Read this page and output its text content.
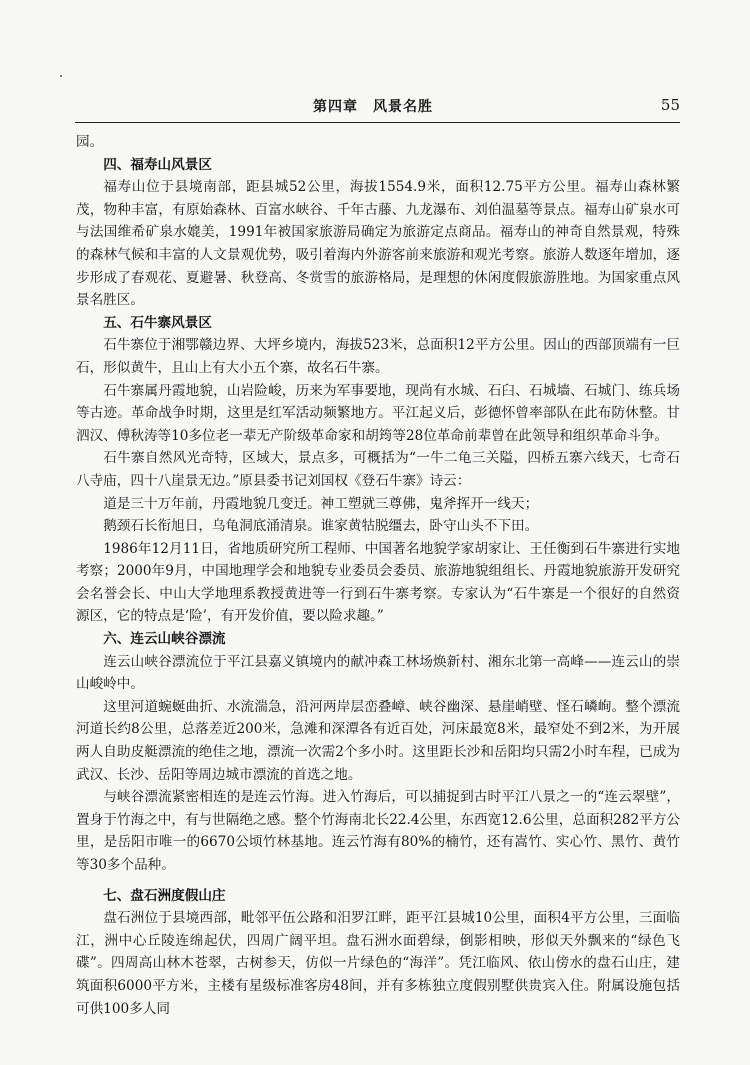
第四章　风景名胜	55

园。

四、福寿山风景区

福寿山位于县境南部，距县城52公里，海拔1554.9米，面积12.75平方公里。福寿山森林繁茂，物种丰富，有原始森林、百富水峡谷、千年古藤、九龙瀑布、刘伯温墓等景点。福寿山矿泉水可与法国维希矿泉水媲美，1991年被国家旅游局确定为旅游定点商品。福寿山的神奇自然景观，特殊的森林气候和丰富的人文景观优势，吸引着海内外游客前来旅游和观光考察。旅游人数逐年增加，逐步形成了春观花、夏避暑、秋登高、冬赏雪的旅游格局，是理想的休闲度假旅游胜地。为国家重点风景名胜区。

五、石牛寨风景区

石牛寨位于湘鄂赣边界、大坪乡境内，海拔523米，总面积12平方公里。因山的西部顶端有一巨石，形似黄牛，且山上有大小五个寨，故名石牛寨。

石牛寨属丹霞地貌，山岩险峻，历来为军事要地，现尚有水城、石臼、石城墙、石城门、练兵场等古迹。革命战争时期，这里是红军活动频繁地方。平江起义后，彭德怀曾率部队在此布防休整。甘泗汉、傅秋涛等10多位老一辈无产阶级革命家和胡筠等28位革命前辈曾在此领导和组织革命斗争。

石牛寨自然风光奇特，区域大，景点多，可概括为“一牛二龟三关隘，四桥五寨六线天，七奇石八寺庙，四十八崖景无边。”原县委书记刘国权《登石牛寨》诗云：

道是三十万年前，丹霞地貌几变迁。神工塑就三尊佛，鬼斧挥开一线天；

鹅颈石长衔旭日，乌龟洞底涌清泉。谁家黄牯脱缰去，卧守山头不下田。

1986年12月11日，省地质研究所工程师、中国著名地貌学家胡家让、王任衡到石牛寨进行实地考察；2000年9月，中国地理学会和地貌专业委员会委员、旅游地貌组组长、丹霞地貌旅游开发研究会名誉会长、中山大学地理系教授黄进等一行到石牛寨考察。专家认为“石牛寨是一个很好的自然资源区，它的特点是‘险’，有开发价值，要以险求趣。”

六、连云山峡谷漂流

连云山峡谷漂流位于平江县嘉义镇境内的献冲森工林场焕新村、湘东北第一高峰——连云山的崇山峻岭中。

这里河道蜿蜒曲折、水流湍急，沿河两岸层峦叠嶂、峡谷幽深、悬崖峭壁、怪石嶙峋。整个漂流河道长约8公里，总落差近200米，急滩和深潭各有近百处，河床最宽8米，最窄处不到2米，为开展两人自助皮艇漂流的绝佳之地，漂流一次需2个多小时。这里距长沙和岳阳均只需2小时车程，已成为武汉、长沙、岳阳等周边城市漂流的首选之地。

与峡谷漂流紧密相连的是连云竹海。进入竹海后，可以捕捉到古时平江八景之一的“连云翠壁”，置身于竹海之中，有与世隔绝之感。整个竹海南北长22.4公里，东西宽12.6公里，总面积282平方公里，是岳阳市唯一的6670公顷竹林基地。连云竹海有80%的楠竹，还有嵩竹、实心竹、黑竹、黄竹等30多个品种。

七、盘石洲度假山庄

盘石洲位于县境西部，毗邻平伍公路和汨罗江畔，距平江县城10公里，面积4平方公里，三面临江，洲中心丘陵连绵起伏，四周广阔平坦。盘石洲水面碧绿，倒影相映，形似天外飘来的“绿色飞碟”。四周高山林木苍翠，古树参天，仿似一片绿色的“海洋”。凭江临风、依山傍水的盘石山庄，建筑面积6000平方米，主楼有星级标准客房48间，并有多栋独立度假别墅供贵宾入住。附属设施包括可供100多人同
